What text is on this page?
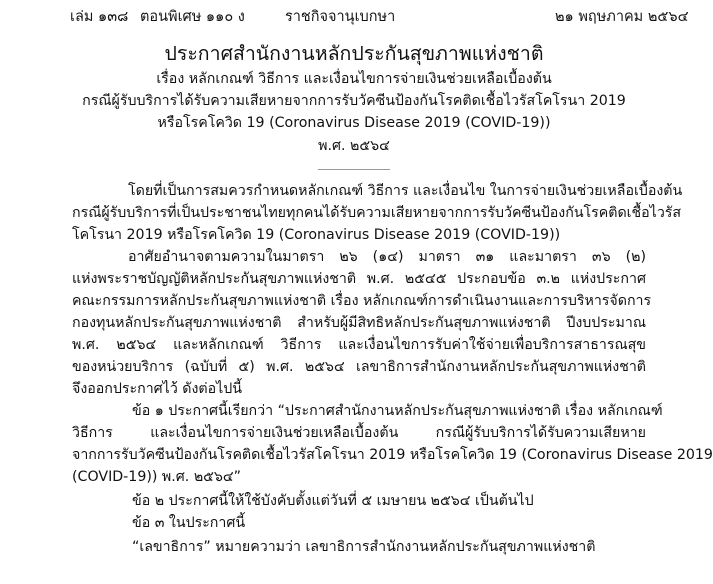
เล่ม ๑๓๘ ตอนพิเศษ ๑๑๐ ง	ราชกิจจานุเบกษา	๒๑ พฤษภาคม ๒๕๖๔
ประกาศสำนักงานหลักประกันสุขภาพแห่งชาติ
เรื่อง หลักเกณฑ์ วิธีการ และเงื่อนไขการจ่ายเงินช่วยเหลือเบื้องต้น
กรณีผู้รับบริการได้รับความเสียหายจากการรับวัคซีนป้องกันโรคติดเชื้อไวรัสโคโรนา 2019
หรือโรคโควิด 19 (Coronavirus Disease 2019 (COVID-19))
พ.ศ. ๒๕๖๔
โดยที่เป็นการสมควรกำหนดหลักเกณฑ์ วิธีการ และเงื่อนไข ในการจ่ายเงินช่วยเหลือเบื้องต้น
กรณีผู้รับบริการที่เป็นประชาชนไทยทุกคนได้รับความเสียหายจากการรับวัคซีนป้องกันโรคติดเชื้อไวรัส
โคโรนา 2019 หรือโรคโควิด 19 (Coronavirus Disease 2019 (COVID-19))
อาศัยอำนาจตามความในมาตรา ๒๖ (๑๔) มาตรา ๓๑ และมาตรา ๓๖ (๒)
แห่งพระราชบัญญัติหลักประกันสุขภาพแห่งชาติ พ.ศ. ๒๕๔๕ ประกอบข้อ ๓.๒ แห่งประกาศ
คณะกรรมการหลักประกันสุขภาพแห่งชาติ เรื่อง หลักเกณฑ์การดำเนินงานและการบริหารจัดการ
กองทุนหลักประกันสุขภาพแห่งชาติ สำหรับผู้มีสิทธิหลักประกันสุขภาพแห่งชาติ ปีงบประมาณ
พ.ศ. ๒๕๖๔ และหลักเกณฑ์ วิธีการ และเงื่อนไขการรับค่าใช้จ่ายเพื่อบริการสาธารณสุข
ของหน่วยบริการ (ฉบับที่ ๕) พ.ศ. ๒๕๖๔ เลขาธิการสำนักงานหลักประกันสุขภาพแห่งชาติ
จึงออกประกาศไว้ ดังต่อไปนี้
ข้อ ๑ ประกาศนี้เรียกว่า “ประกาศสำนักงานหลักประกันสุขภาพแห่งชาติ เรื่อง หลักเกณฑ์
วิธีการ และเงื่อนไขการจ่ายเงินช่วยเหลือเบื้องต้น กรณีผู้รับบริการได้รับความเสียหาย
จากการรับวัคซีนป้องกันโรคติดเชื้อไวรัสโคโรนา 2019 หรือโรคโควิด 19 (Coronavirus Disease 2019
(COVID-19)) พ.ศ. ๒๕๖๔”
ข้อ ๒ ประกาศนี้ให้ใช้บังคับตั้งแต่วันที่ ๕ เมษายน ๒๕๖๔ เป็นต้นไป
ข้อ ๓ ในประกาศนี้
“เลขาธิการ” หมายความว่า เลขาธิการสำนักงานหลักประกันสุขภาพแห่งชาติ
